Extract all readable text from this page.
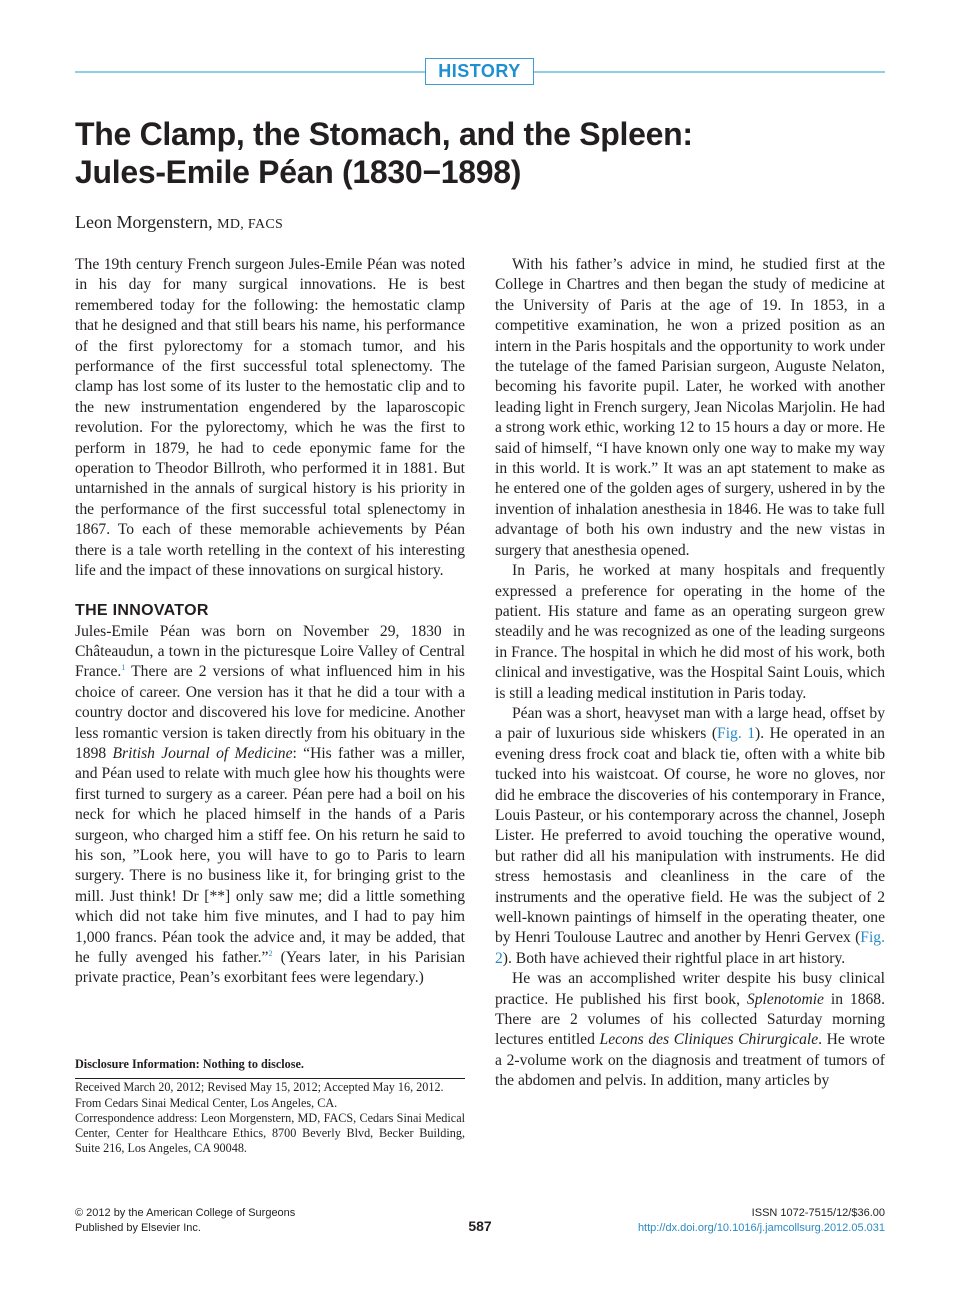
HISTORY
The Clamp, the Stomach, and the Spleen:
Jules-Emile Péan (1830−1898)
Leon Morgenstern, MD, FACS

The 19th century French surgeon Jules-Emile Péan was noted in his day for many surgical innovations. He is best remembered today for the following: the hemostatic clamp that he designed and that still bears his name, his performance of the first pylorectomy for a stomach tumor, and his performance of the first successful total splenectomy. The clamp has lost some of its luster to the hemostatic clip and to the new instrumentation engendered by the laparoscopic revolution. For the pylorectomy, which he was the first to perform in 1879, he had to cede eponymic fame for the operation to Theodor Billroth, who performed it in 1881. But untarnished in the annals of surgical history is his priority in the performance of the first successful total splenectomy in 1867. To each of these memorable achievements by Péan there is a tale worth retelling in the context of his interesting life and the impact of these innovations on surgical history.

THE INNOVATOR

Jules-Emile Péan was born on November 29, 1830 in Châteaudun, a town in the picturesque Loire Valley of Central France.$^1$ There are 2 versions of what influenced him in his choice of career. One version has it that he did a tour with a country doctor and discovered his love for medicine. Another less romantic version is taken directly from his obituary in the 1898 British Journal of Medicine: “His father was a miller, and Péan used to relate with much glee how his thoughts were first turned to surgery as a career. Péan pere had a boil on his neck for which he placed himself in the hands of a Paris surgeon, who charged him a stiff fee. On his return he said to his son, ”Look here, you will have to go to Paris to learn surgery. There is no business like it, for bringing grist to the mill. Just think! Dr [**] only saw me; did a little something which did not take him five minutes, and I had to pay him 1,000 francs. Péan took the advice and, it may be added, that he fully avenged his father.”$^2$ (Years later, in his Parisian private practice, Pean’s exorbitant fees were legendary.)

Disclosure Information: Nothing to disclose.

Received March 20, 2012; Revised May 15, 2012; Accepted May 16, 2012.

From Cedars Sinai Medical Center, Los Angeles, CA.

Correspondence address: Leon Morgenstern, MD, FACS, Cedars Sinai Medical Center, Center for Healthcare Ethics, 8700 Beverly Blvd, Becker Building, Suite 216, Los Angeles, CA 90048.

With his father’s advice in mind, he studied first at the College in Chartres and then began the study of medicine at the University of Paris at the age of 19. In 1853, in a competitive examination, he won a prized position as an intern in the Paris hospitals and the opportunity to work under the tutelage of the famed Parisian surgeon, Auguste Nelaton, becoming his favorite pupil. Later, he worked with another leading light in French surgery, Jean Nicolas Marjolin. He had a strong work ethic, working 12 to 15 hours a day or more. He said of himself, “I have known only one way to make my way in this world. It is work.” It was an apt statement to make as he entered one of the golden ages of surgery, ushered in by the invention of inhalation anesthesia in 1846. He was to take full advantage of both his own industry and the new vistas in surgery that anesthesia opened.

In Paris, he worked at many hospitals and frequently expressed a preference for operating in the home of the patient. His stature and fame as an operating surgeon grew steadily and he was recognized as one of the leading surgeons in France. The hospital in which he did most of his work, both clinical and investigative, was the Hospital Saint Louis, which is still a leading medical institution in Paris today.

Péan was a short, heavyset man with a large head, offset by a pair of luxurious side whiskers (Fig. 1). He operated in an evening dress frock coat and black tie, often with a white bib tucked into his waistcoat. Of course, he wore no gloves, nor did he embrace the discoveries of his contemporary in France, Louis Pasteur, or his contemporary across the channel, Joseph Lister. He preferred to avoid touching the operative wound, but rather did all his manipulation with instruments. He did stress hemostasis and cleanliness in the care of the instruments and the operative field. He was the subject of 2 well-known paintings of himself in the operating theater, one by Henri Toulouse Lautrec and another by Henri Gervex (Fig. 2). Both have achieved their rightful place in art history.

He was an accomplished writer despite his busy clinical practice. He published his first book, Splenotomie in 1868. There are 2 volumes of his collected Saturday morning lectures entitled Lecons des Cliniques Chirurgicale. He wrote a 2-volume work on the diagnosis and treatment of tumors of the abdomen and pelvis. In addition, many articles by

© 2012 by the American College of Surgeons
Published by Elsevier Inc.	587
ISSN 1072-7515/12/$36.00
http://dx.doi.org/10.1016/j.jamcollsurg.2012.05.031
